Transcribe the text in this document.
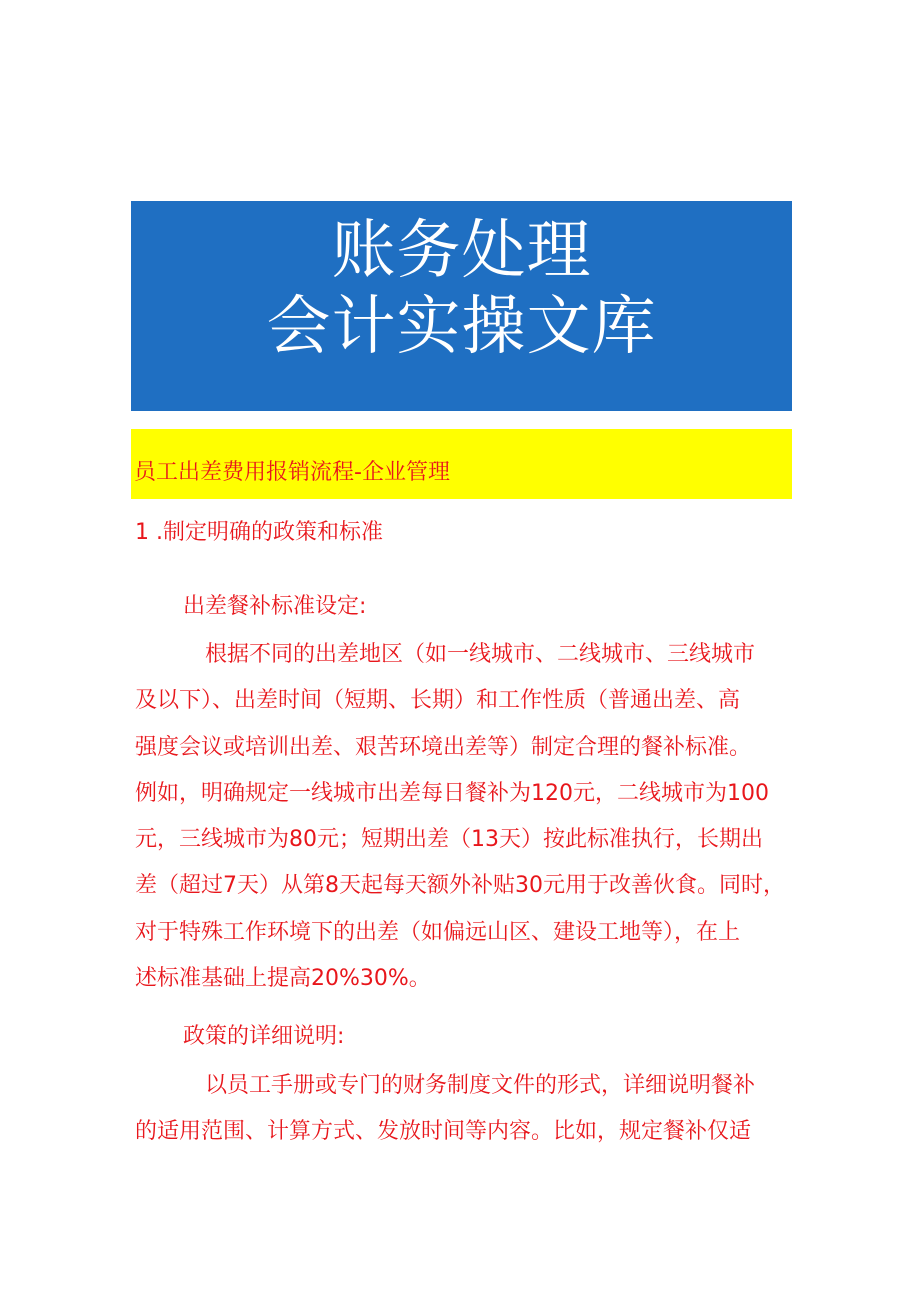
账务处理
会计实操文库
员工出差费用报销流程-企业管理
1 .制定明确的政策和标准
出差餐补标准设定:
根据不同的出差地区（如一线城市、二线城市、三线城市
及以下）、出差时间（短期、长期）和工作性质（普通出差、高
强度会议或培训出差、艰苦环境出差等）制定合理的餐补标准。
例如，明确规定一线城市出差每日餐补为120元，二线城市为100
元，三线城市为80元；短期出差（13天）按此标准执行，长期出
差（超过7天）从第8天起每天额外补贴30元用于改善伙食。同时，
对于特殊工作环境下的出差（如偏远山区、建设工地等），在上
述标准基础上提高20%30%。
政策的详细说明:
以员工手册或专门的财务制度文件的形式，详细说明餐补
的适用范围、计算方式、发放时间等内容。比如，规定餐补仅适
